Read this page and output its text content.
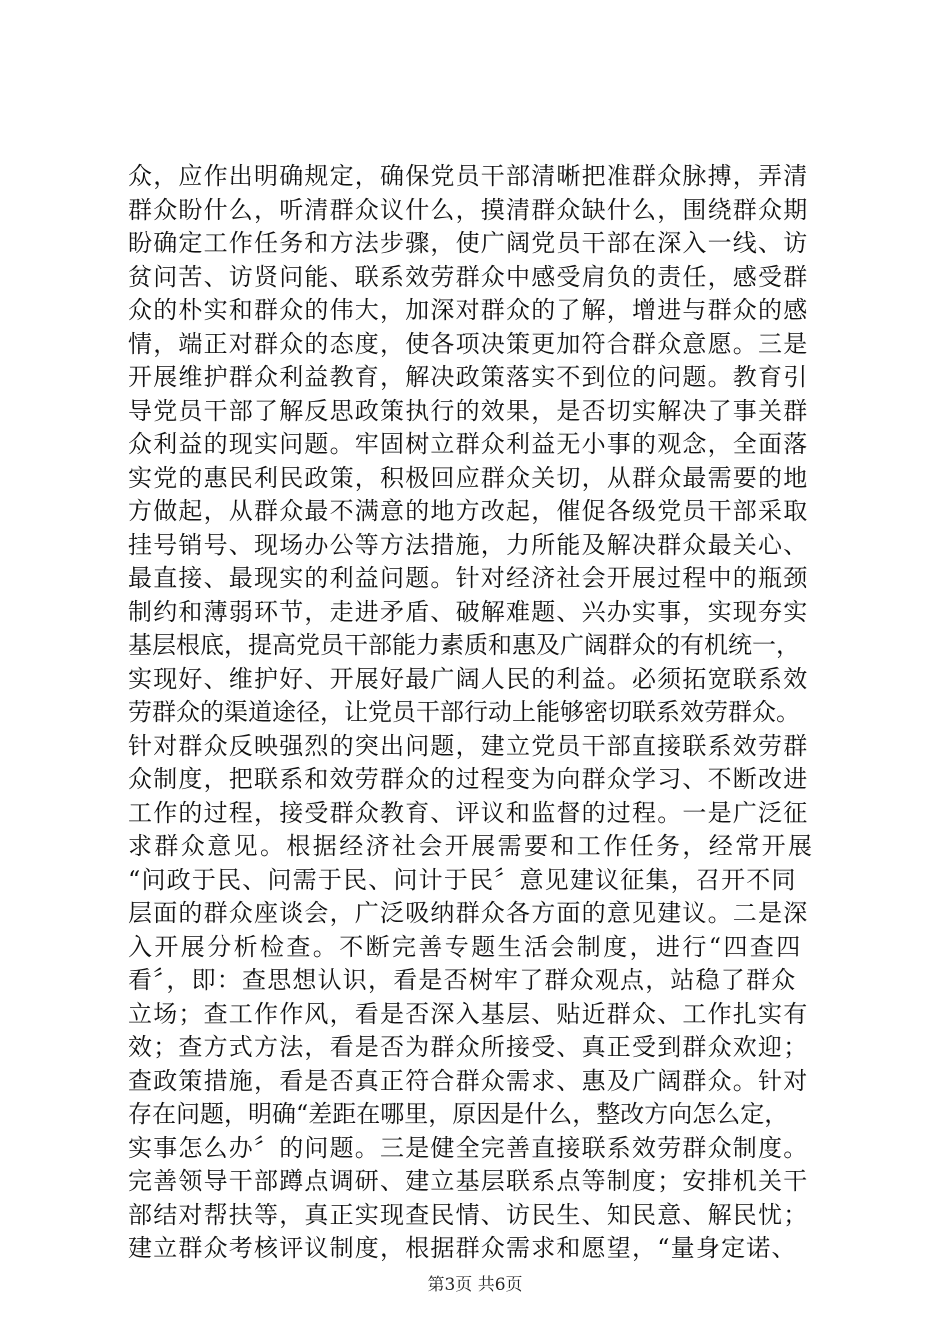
众，应作出明确规定，确保党员干部清晰把准群众脉搏，弄清
群众盼什么，听清群众议什么，摸清群众缺什么，围绕群众期
盼确定工作任务和方法步骤，使广阔党员干部在深入一线、访
贫问苦、访贤问能、联系效劳群众中感受肩负的责任，感受群
众的朴实和群众的伟大，加深对群众的了解，增进与群众的感
情，端正对群众的态度，使各项决策更加符合群众意愿。三是
开展维护群众利益教育，解决政策落实不到位的问题。教育引
导党员干部了解反思政策执行的效果，是否切实解决了事关群
众利益的现实问题。牢固树立群众利益无小事的观念，全面落
实党的惠民利民政策，积极回应群众关切，从群众最需要的地
方做起，从群众最不满意的地方改起，催促各级党员干部采取
挂号销号、现场办公等方法措施，力所能及解决群众最关心、
最直接、最现实的利益问题。针对经济社会开展过程中的瓶颈
制约和薄弱环节，走进矛盾、破解难题、兴办实事，实现夯实
基层根底，提高党员干部能力素质和惠及广阔群众的有机统一，
实现好、维护好、开展好最广阔人民的利益。必须拓宽联系效
劳群众的渠道途径，让党员干部行动上能够密切联系效劳群众。
针对群众反映强烈的突出问题，建立党员干部直接联系效劳群
众制度，把联系和效劳群众的过程变为向群众学习、不断改进
工作的过程，接受群众教育、评议和监督的过程。一是广泛征
求群众意见。根据经济社会开展需要和工作任务，经常开展
“问政于民、问需于民、问计于民〞意见建议征集，召开不同
层面的群众座谈会，广泛吸纳群众各方面的意见建议。二是深
入开展分析检查。不断完善专题生活会制度，进行“四查四
看〞，即：查思想认识，看是否树牢了群众观点，站稳了群众
立场；查工作作风，看是否深入基层、贴近群众、工作扎实有
效；查方式方法，看是否为群众所接受、真正受到群众欢迎；
查政策措施，看是否真正符合群众需求、惠及广阔群众。针对
存在问题，明确“差距在哪里，原因是什么，整改方向怎么定，
实事怎么办〞的问题。三是健全完善直接联系效劳群众制度。
完善领导干部蹲点调研、建立基层联系点等制度；安排机关干
部结对帮扶等，真正实现查民情、访民生、知民意、解民忧；
建立群众考核评议制度，根据群众需求和愿望，“量身定诺、
第3页 共6页
